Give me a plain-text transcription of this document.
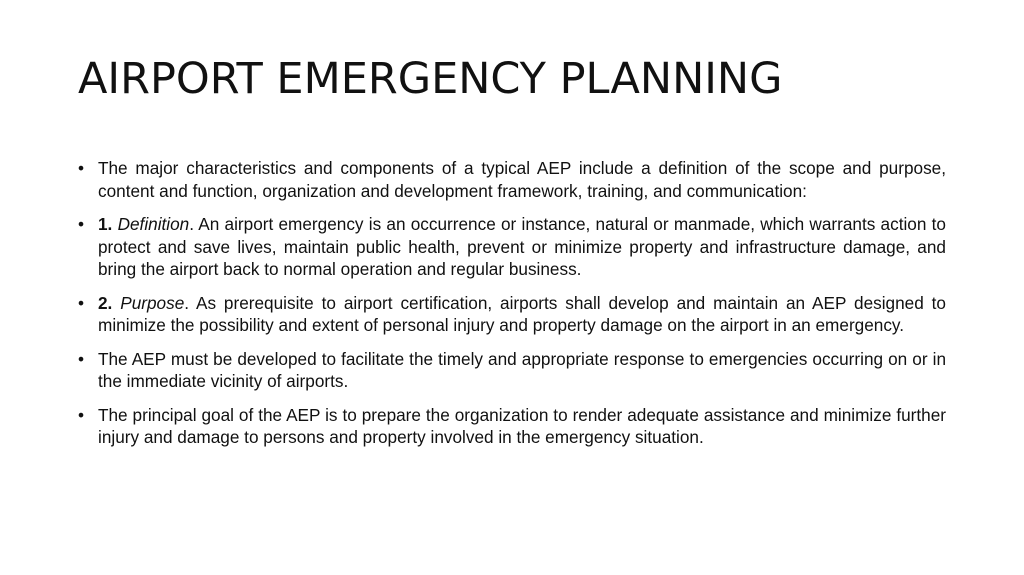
AIRPORT EMERGENCY PLANNING
• The major characteristics and components of a typical AEP include a definition of the scope and purpose, content and function, organization and development framework, training, and communication:
• 1. Definition. An airport emergency is an occurrence or instance, natural or manmade, which warrants action to protect and save lives, maintain public health, prevent or minimize property and infrastructure damage, and bring the airport back to normal operation and regular business.
• 2. Purpose. As prerequisite to airport certification, airports shall develop and maintain an AEP designed to minimize the possibility and extent of personal injury and property damage on the airport in an emergency.
• The AEP must be developed to facilitate the timely and appropriate response to emergencies occurring on or in the immediate vicinity of airports.
• The principal goal of the AEP is to prepare the organization to render adequate assistance and minimize further injury and damage to persons and property involved in the emergency situation.
